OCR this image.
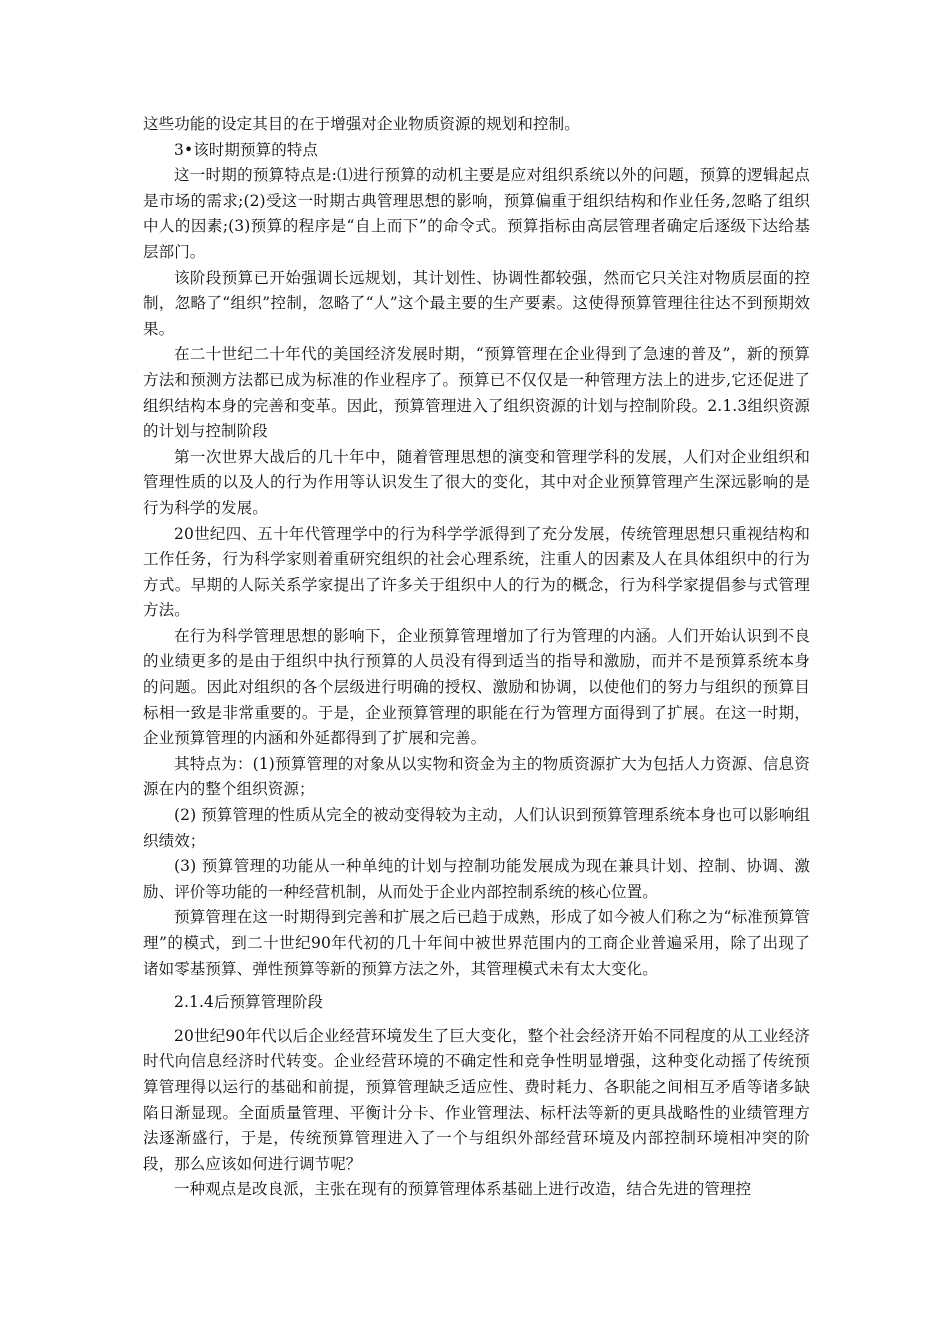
这些功能的设定其目的在于增强对企业物质资源的规划和控制。

3•该时期预算的特点

这一时期的预算特点是:⑴进行预算的动机主要是应对组织系统以外的问题，预算的逻辑起点是市场的需求;(2)受这一时期古典管理思想的影响，预算偏重于组织结构和作业任务,忽略了组织中人的因素;(3)预算的程序是“自上而下”的命令式。预算指标由高层管理者确定后逐级下达给基层部门。

该阶段预算已开始强调长远规划，其计划性、协调性都较强，然而它只关注对物质层面的控制，忽略了“组织”控制，忽略了“人”这个最主要的生产要素。这使得预算管理往往达不到预期效果。

在二十世纪二十年代的美国经济发展时期，“预算管理在企业得到了急速的普及”，新的预算方法和预测方法都已成为标准的作业程序了。预算已不仅仅是一种管理方法上的进步,它还促进了组织结构本身的完善和变革。因此，预算管理进入了组织资源的计划与控制阶段。2.1.3组织资源的计划与控制阶段

第一次世界大战后的几十年中，随着管理思想的演变和管理学科的发展，人们对企业组织和管理性质的以及人的行为作用等认识发生了很大的变化，其中对企业预算管理产生深远影响的是行为科学的发展。

20世纪四、五十年代管理学中的行为科学学派得到了充分发展，传统管理思想只重视结构和工作任务，行为科学家则着重研究组织的社会心理系统，注重人的因素及人在具体组织中的行为方式。早期的人际关系学家提出了许多关于组织中人的行为的概念，行为科学家提倡参与式管理方法。

在行为科学管理思想的影响下，企业预算管理增加了行为管理的内涵。人们开始认识到不良的业绩更多的是由于组织中执行预算的人员没有得到适当的指导和激励，而并不是预算系统本身的问题。因此对组织的各个层级进行明确的授权、激励和协调，以使他们的努力与组织的预算目标相一致是非常重要的。于是，企业预算管理的职能在行为管理方面得到了扩展。在这一时期，企业预算管理的内涵和外延都得到了扩展和完善。

其特点为：(1)预算管理的对象从以实物和资金为主的物质资源扩大为包括人力资源、信息资源在内的整个组织资源；

(2) 预算管理的性质从完全的被动变得较为主动，人们认识到预算管理系统本身也可以影响组织绩效；

(3) 预算管理的功能从一种单纯的计划与控制功能发展成为现在兼具计划、控制、协调、激励、评价等功能的一种经营机制，从而处于企业内部控制系统的核心位置。

预算管理在这一时期得到完善和扩展之后已趋于成熟，形成了如今被人们称之为“标准预算管理”的模式，到二十世纪90年代初的几十年间中被世界范围内的工商企业普遍采用，除了出现了诸如零基预算、弹性预算等新的预算方法之外，其管理模式未有太大变化。

2.1.4后预算管理阶段

20世纪90年代以后企业经营环境发生了巨大变化，整个社会经济开始不同程度的从工业经济时代向信息经济时代转变。企业经营环境的不确定性和竞争性明显增强，这种变化动摇了传统预算管理得以运行的基础和前提，预算管理缺乏适应性、费时耗力、各职能之间相互矛盾等诸多缺陷日渐显现。全面质量管理、平衡计分卡、作业管理法、标杆法等新的更具战略性的业绩管理方法逐渐盛行，于是，传统预算管理进入了一个与组织外部经营环境及内部控制环境相冲突的阶段，那么应该如何进行调节呢？

一种观点是改良派，主张在现有的预算管理体系基础上进行改造，结合先进的管理控
